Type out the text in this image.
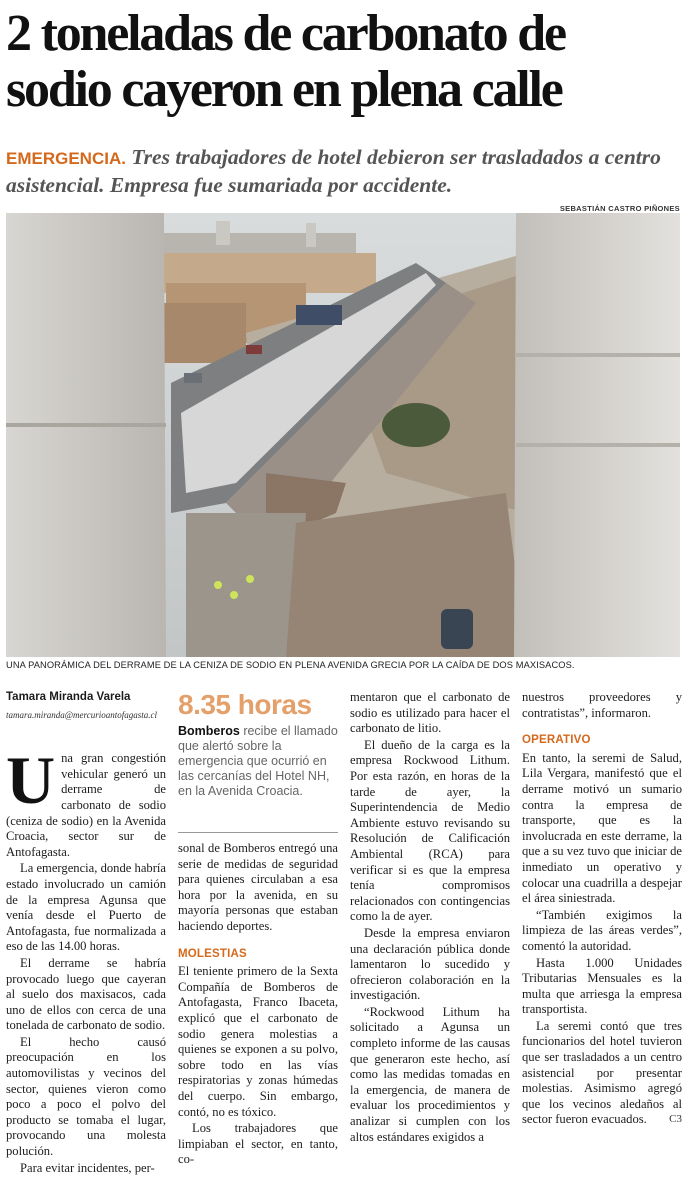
2 toneladas de carbonato de
sodio cayeron en plena calle
EMERGENCIA. Tres trabajadores de hotel debieron ser trasladados a centro asistencial. Empresa fue sumariada por accidente.
SEBASTIÁN CASTRO PIÑONES
UNA PANORÁMICA DEL DERRAME DE LA CENIZA DE SODIO EN PLENA AVENIDA GRECIA POR LA CAÍDA DE DOS MAXISACOS.
Tamara Miranda Varela
tamara.miranda@mercurioantofagasta.cl

Una gran congestión vehicular generó un derrame de carbonato de sodio (ceniza de sodio) en la Avenida Croacia, sector sur de Antofagasta.

La emergencia, donde habría estado involucrado un camión de la empresa Agunsa que venía desde el Puerto de Antofagasta, fue normalizada a eso de las 14.00 horas.

El derrame se habría provocado luego que cayeran al suelo dos maxisacos, cada uno de ellos con cerca de una tonelada de carbonato de sodio.

El hecho causó preocupación en los automovilistas y vecinos del sector, quienes vieron como poco a poco el polvo del producto se tomaba el lugar, provocando una molesta polución.

Para evitar incidentes, per-

8.35 horas
Bomberos recibe el llamado que alertó sobre la emergencia que ocurrió en las cercanías del Hotel NH, en la Avenida Croacia.

sonal de Bomberos entregó una serie de medidas de seguridad para quienes circulaban a esa hora por la avenida, en su mayoría personas que estaban haciendo deportes.

MOLESTIAS

El teniente primero de la Sexta Compañía de Bomberos de Antofagasta, Franco Ibaceta, explicó que el carbonato de sodio genera molestias a quienes se exponen a su polvo, sobre todo en las vías respiratorias y zonas húmedas del cuerpo. Sin embargo, contó, no es tóxico.

Los trabajadores que limpiaban el sector, en tanto, co-

mentaron que el carbonato de sodio es utilizado para hacer el carbonato de litio.

El dueño de la carga es la empresa Rockwood Lithum. Por esta razón, en horas de la tarde de ayer, la Superintendencia de Medio Ambiente estuvo revisando su Resolución de Calificación Ambiental (RCA) para verificar si es que la empresa tenía compromisos relacionados con contingencias como la de ayer.

Desde la empresa enviaron una declaración pública donde lamentaron lo sucedido y ofrecieron colaboración en la investigación.

“Rockwood Lithum ha solicitado a Agunsa un completo informe de las causas que generaron este hecho, así como las medidas tomadas en la emergencia, de manera de evaluar los procedimientos y analizar si cumplen con los altos estándares exigidos a

nuestros proveedores y contratistas”, informaron.

OPERATIVO

En tanto, la seremi de Salud, Lila Vergara, manifestó que el derrame motivó un sumario contra la empresa de transporte, que es la involucrada en este derrame, la que a su vez tuvo que iniciar de inmediato un operativo y colocar una cuadrilla a despejar el área siniestrada.

“También exigimos la limpieza de las áreas verdes”, comentó la autoridad.

Hasta 1.000 Unidades Tributarias Mensuales es la multa que arriesga la empresa transportista.

La seremi contó que tres funcionarios del hotel tuvieron que ser trasladados a un centro asistencial por presentar molestias. Asimismo agregó que los vecinos aledaños al sector fueron evacuados.	C3
